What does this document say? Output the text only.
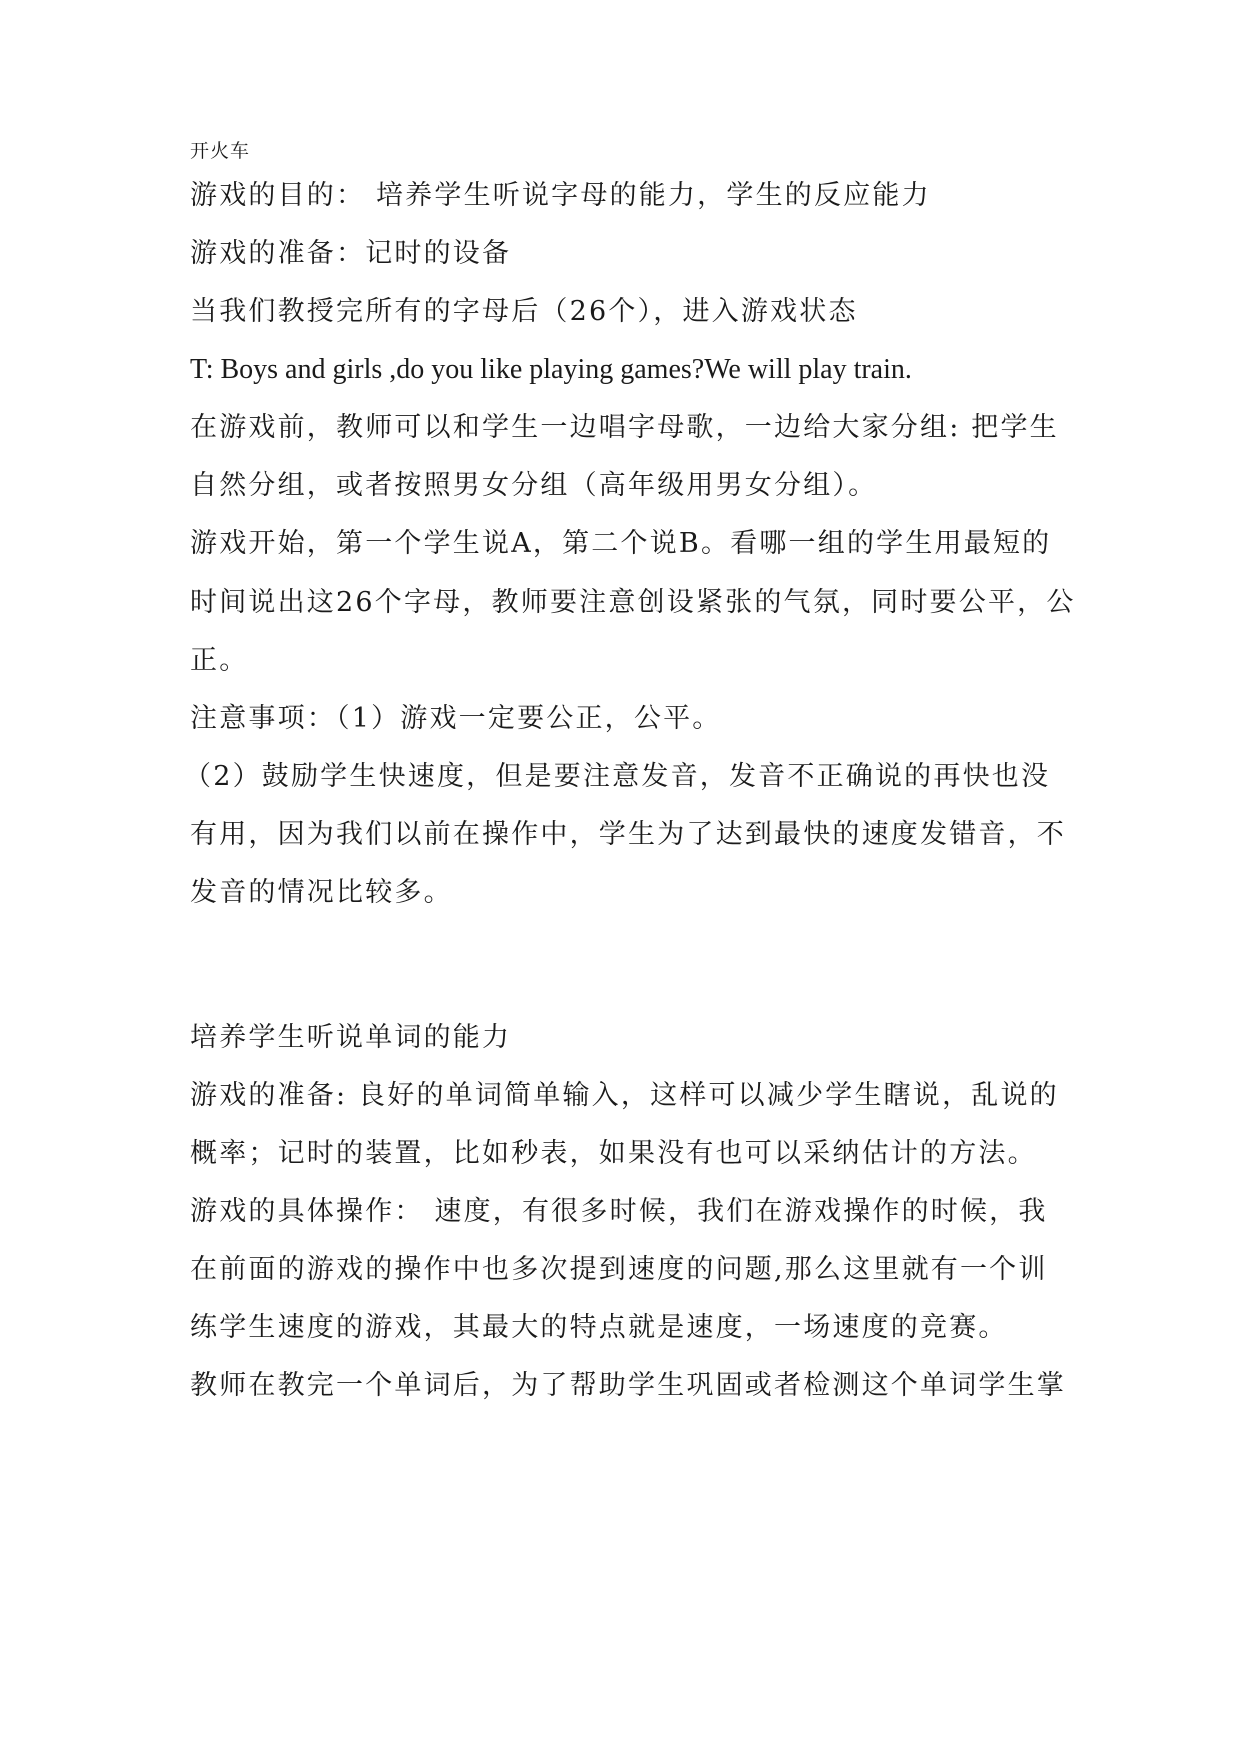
开火车
游戏的目的： 培养学生听说字母的能力，学生的反应能力
游戏的准备：记时的设备
当我们教授完所有的字母后（26个），进入游戏状态
T: Boys and girls ,do you like playing games?We will play train.
在游戏前，教师可以和学生一边唱字母歌，一边给大家分组: 把学生
自然分组，或者按照男女分组（高年级用男女分组）。
游戏开始，第一个学生说A，第二个说B。看哪一组的学生用最短的
时间说出这26个字母，教师要注意创设紧张的气氛，同时要公平，公
正。
注意事项：（1）游戏一定要公正，公平。
（2）鼓励学生快速度，但是要注意发音，发音不正确说的再快也没
有用，因为我们以前在操作中，学生为了达到最快的速度发错音，不
发音的情况比较多。
培养学生听说单词的能力
游戏的准备: 良好的单词简单输入，这样可以减少学生瞎说，乱说的
概率；记时的装置，比如秒表，如果没有也可以采纳估计的方法。
游戏的具体操作： 速度，有很多时候，我们在游戏操作的时候，我
在前面的游戏的操作中也多次提到速度的问题,那么这里就有一个训
练学生速度的游戏，其最大的特点就是速度，一场速度的竞赛。
教师在教完一个单词后，为了帮助学生巩固或者检测这个单词学生掌
